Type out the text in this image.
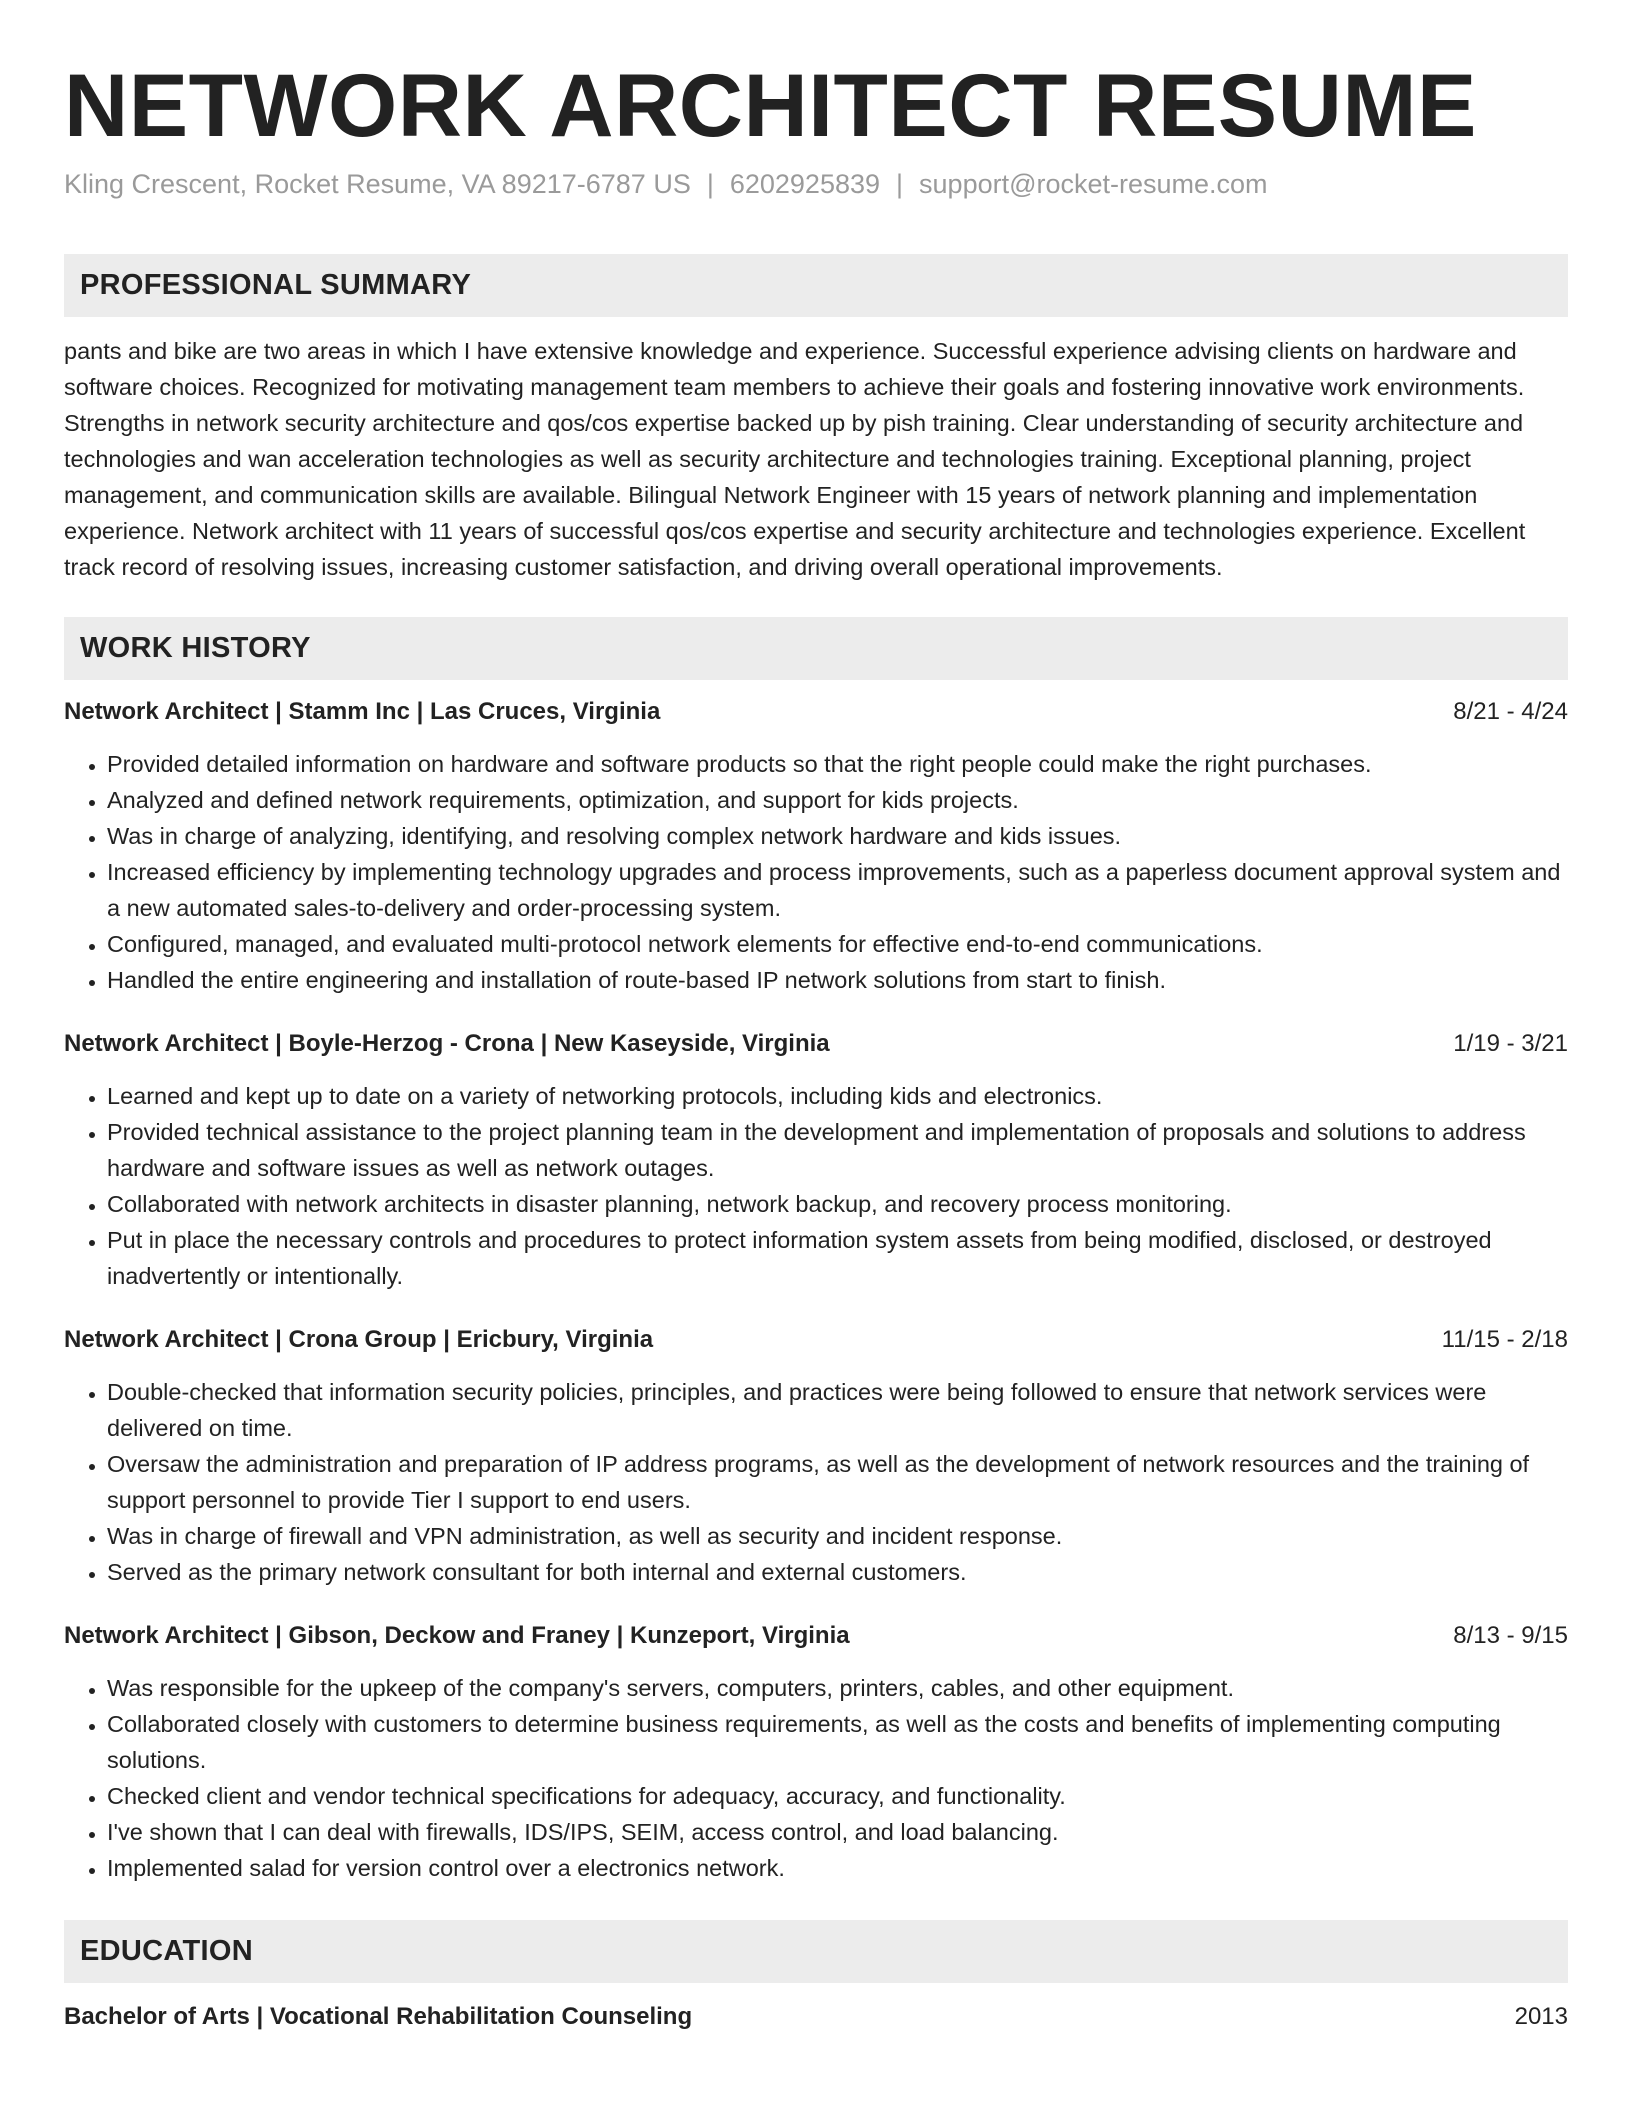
NETWORK ARCHITECT RESUME
Kling Crescent, Rocket Resume, VA 89217-6787 US | 6202925839 | support@rocket-resume.com
PROFESSIONAL SUMMARY
pants and bike are two areas in which I have extensive knowledge and experience. Successful experience advising clients on hardware and software choices. Recognized for motivating management team members to achieve their goals and fostering innovative work environments. Strengths in network security architecture and qos/cos expertise backed up by pish training. Clear understanding of security architecture and technologies and wan acceleration technologies as well as security architecture and technologies training. Exceptional planning, project management, and communication skills are available. Bilingual Network Engineer with 15 years of network planning and implementation experience. Network architect with 11 years of successful qos/cos expertise and security architecture and technologies experience. Excellent track record of resolving issues, increasing customer satisfaction, and driving overall operational improvements.
WORK HISTORY
Network Architect | Stamm Inc | Las Cruces, Virginia	8/21 - 4/24
• Provided detailed information on hardware and software products so that the right people could make the right purchases.
• Analyzed and defined network requirements, optimization, and support for kids projects.
• Was in charge of analyzing, identifying, and resolving complex network hardware and kids issues.
• Increased efficiency by implementing technology upgrades and process improvements, such as a paperless document approval system and a new automated sales-to-delivery and order-processing system.
• Configured, managed, and evaluated multi-protocol network elements for effective end-to-end communications.
• Handled the entire engineering and installation of route-based IP network solutions from start to finish.
Network Architect | Boyle-Herzog - Crona | New Kaseyside, Virginia	1/19 - 3/21
• Learned and kept up to date on a variety of networking protocols, including kids and electronics.
• Provided technical assistance to the project planning team in the development and implementation of proposals and solutions to address hardware and software issues as well as network outages.
• Collaborated with network architects in disaster planning, network backup, and recovery process monitoring.
• Put in place the necessary controls and procedures to protect information system assets from being modified, disclosed, or destroyed inadvertently or intentionally.
Network Architect | Crona Group | Ericbury, Virginia	11/15 - 2/18
• Double-checked that information security policies, principles, and practices were being followed to ensure that network services were delivered on time.
• Oversaw the administration and preparation of IP address programs, as well as the development of network resources and the training of support personnel to provide Tier I support to end users.
• Was in charge of firewall and VPN administration, as well as security and incident response.
• Served as the primary network consultant for both internal and external customers.
Network Architect | Gibson, Deckow and Franey | Kunzeport, Virginia	8/13 - 9/15
• Was responsible for the upkeep of the company's servers, computers, printers, cables, and other equipment.
• Collaborated closely with customers to determine business requirements, as well as the costs and benefits of implementing computing solutions.
• Checked client and vendor technical specifications for adequacy, accuracy, and functionality.
• I've shown that I can deal with firewalls, IDS/IPS, SEIM, access control, and load balancing.
• Implemented salad for version control over a electronics network.
EDUCATION
Bachelor of Arts | Vocational Rehabilitation Counseling	2013
